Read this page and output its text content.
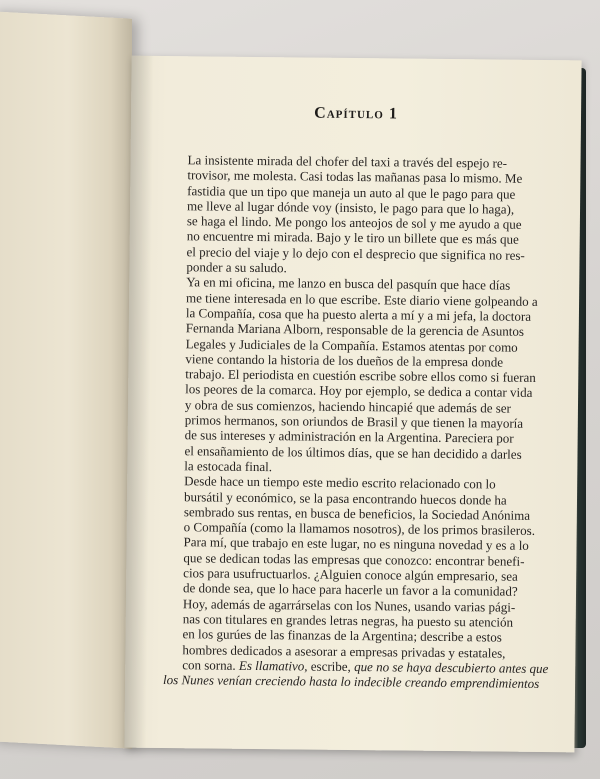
Capítulo 1

La insistente mirada del chofer del taxi a través del espejo re-
trovisor, me molesta. Casi todas las mañanas pasa lo mismo. Me
fastidia que un tipo que maneja un auto al que le pago para que
me lleve al lugar dónde voy (insisto, le pago para que lo haga),
se haga el lindo. Me pongo los anteojos de sol y me ayudo a que
no encuentre mi mirada. Bajo y le tiro un billete que es más que
el precio del viaje y lo dejo con el desprecio que significa no res-
ponder a su saludo.

Ya en mi oficina, me lanzo en busca del pasquín que hace días
me tiene interesada en lo que escribe. Este diario viene golpeando a
la Compañía, cosa que ha puesto alerta a mí y a mi jefa, la doctora
Fernanda Mariana Alborn, responsable de la gerencia de Asuntos
Legales y Judiciales de la Compañía. Estamos atentas por como
viene contando la historia de los dueños de la empresa donde
trabajo. El periodista en cuestión escribe sobre ellos como si fueran
los peores de la comarca. Hoy por ejemplo, se dedica a contar vida
y obra de sus comienzos, haciendo hincapié que además de ser
primos hermanos, son oriundos de Brasil y que tienen la mayoría
de sus intereses y administración en la Argentina. Pareciera por
el ensañamiento de los últimos días, que se han decidido a darles
la estocada final.

Desde hace un tiempo este medio escrito relacionado con lo
bursátil y económico, se la pasa encontrando huecos donde ha
sembrado sus rentas, en busca de beneficios, la Sociedad Anónima
o Compañía (como la llamamos nosotros), de los primos brasileros.
Para mí, que trabajo en este lugar, no es ninguna novedad y es a lo
que se dedican todas las empresas que conozco: encontrar benefi-
cios para usufructuarlos. ¿Alguien conoce algún empresario, sea
de donde sea, que lo hace para hacerle un favor a la comunidad?
Hoy, además de agarrárselas con los Nunes, usando varias pági-
nas con titulares en grandes letras negras, ha puesto su atención
en los gurúes de las finanzas de la Argentina; describe a estos
hombres dedicados a asesorar a empresas privadas y estatales,
con sorna. Es llamativo, escribe, que no se haya descubierto antes que
los Nunes venían creciendo hasta lo indecible creando emprendimientos
